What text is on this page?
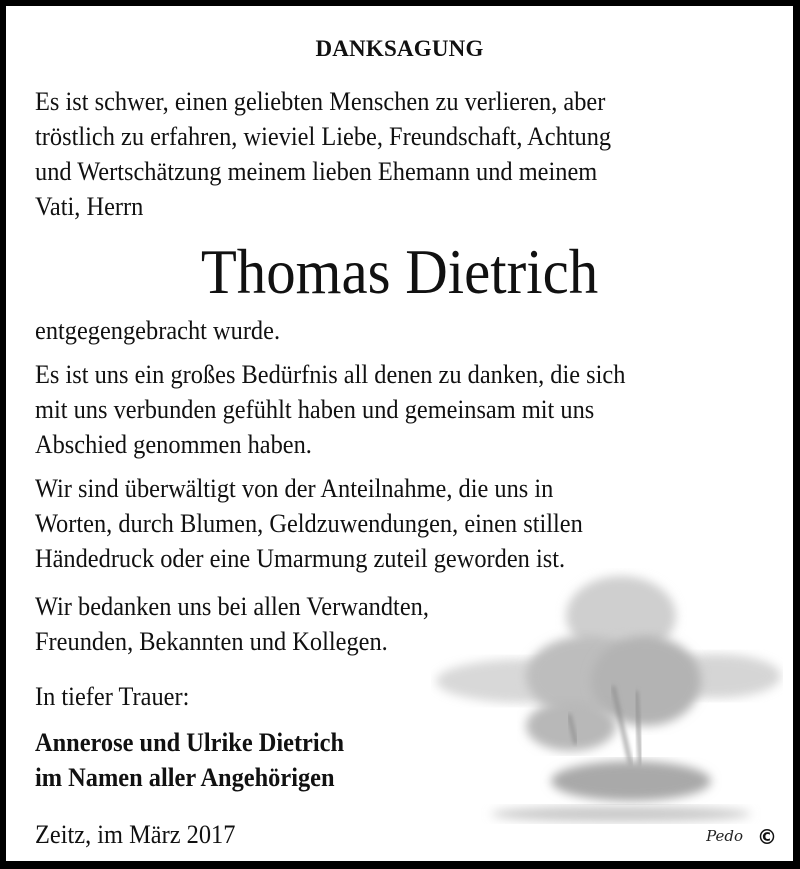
DANKSAGUNG
Es ist schwer, einen geliebten Menschen zu verlieren, aber
tröstlich zu erfahren, wieviel Liebe, Freundschaft, Achtung
und Wertschätzung meinem lieben Ehemann und meinem
Vati, Herrn
Thomas Dietrich
entgegengebracht wurde.
Es ist uns ein großes Bedürfnis all denen zu danken, die sich
mit uns verbunden gefühlt haben und gemeinsam mit uns
Abschied genommen haben.
Wir sind überwältigt von der Anteilnahme, die uns in
Worten, durch Blumen, Geldzuwendungen, einen stillen
Händedruck oder eine Umarmung zuteil geworden ist.
Wir bedanken uns bei allen Verwandten,
Freunden, Bekannten und Kollegen.
In tiefer Trauer:
Annerose und Ulrike Dietrich
im Namen aller Angehörigen
Zeitz, im März 2017	Pedo ©
